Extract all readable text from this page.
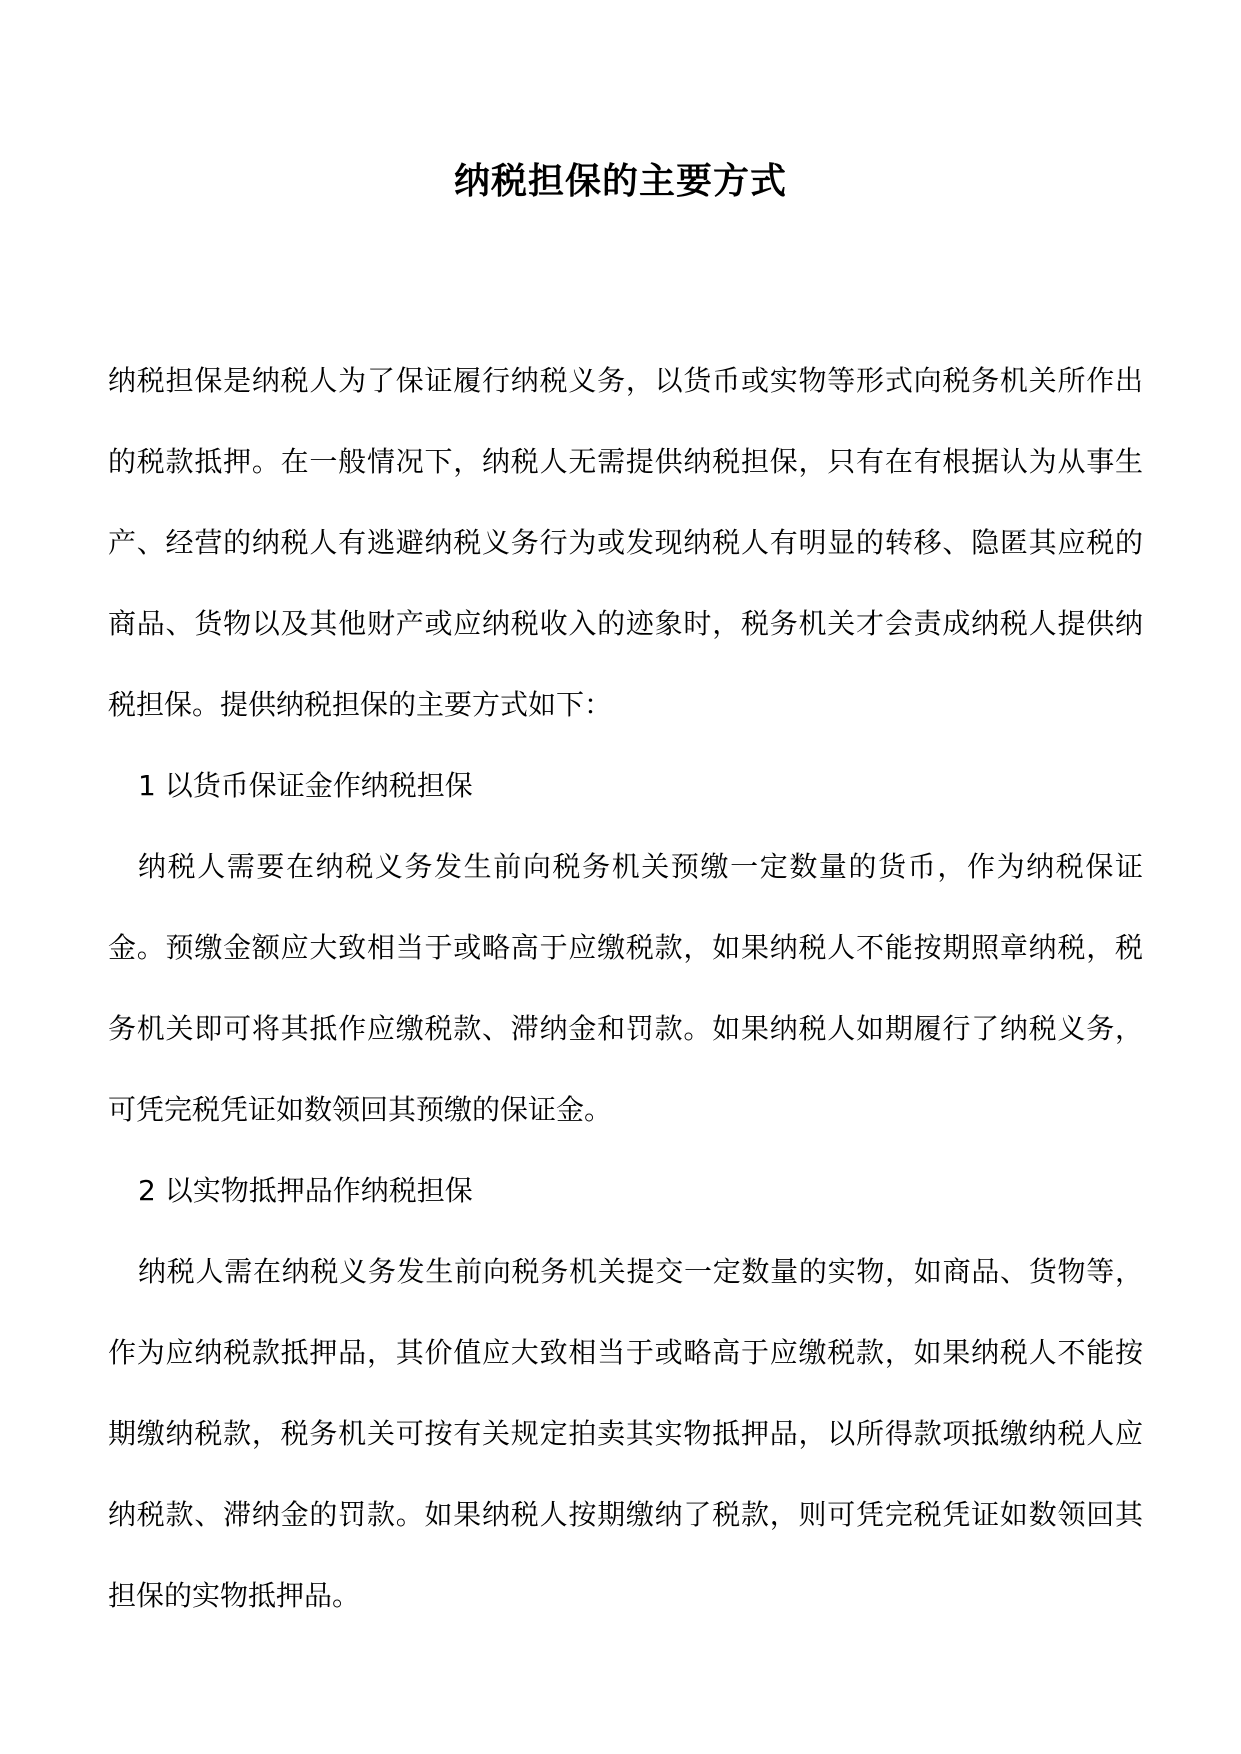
纳税担保的主要方式

纳税担保是纳税人为了保证履行纳税义务，以货币或实物等形式向税务机关所作出的税款抵押。在一般情况下，纳税人无需提供纳税担保，只有在有根据认为从事生产、经营的纳税人有逃避纳税义务行为或发现纳税人有明显的转移、隐匿其应税的商品、货物以及其他财产或应纳税收入的迹象时，税务机关才会责成纳税人提供纳税担保。提供纳税担保的主要方式如下：

1 以货币保证金作纳税担保

纳税人需要在纳税义务发生前向税务机关预缴一定数量的货币，作为纳税保证金。预缴金额应大致相当于或略高于应缴税款，如果纳税人不能按期照章纳税，税务机关即可将其抵作应缴税款、滞纳金和罚款。如果纳税人如期履行了纳税义务，可凭完税凭证如数领回其预缴的保证金。

2 以实物抵押品作纳税担保

纳税人需在纳税义务发生前向税务机关提交一定数量的实物，如商品、货物等，作为应纳税款抵押品，其价值应大致相当于或略高于应缴税款，如果纳税人不能按期缴纳税款，税务机关可按有关规定拍卖其实物抵押品，以所得款项抵缴纳税人应纳税款、滞纳金的罚款。如果纳税人按期缴纳了税款，则可凭完税凭证如数领回其担保的实物抵押品。
